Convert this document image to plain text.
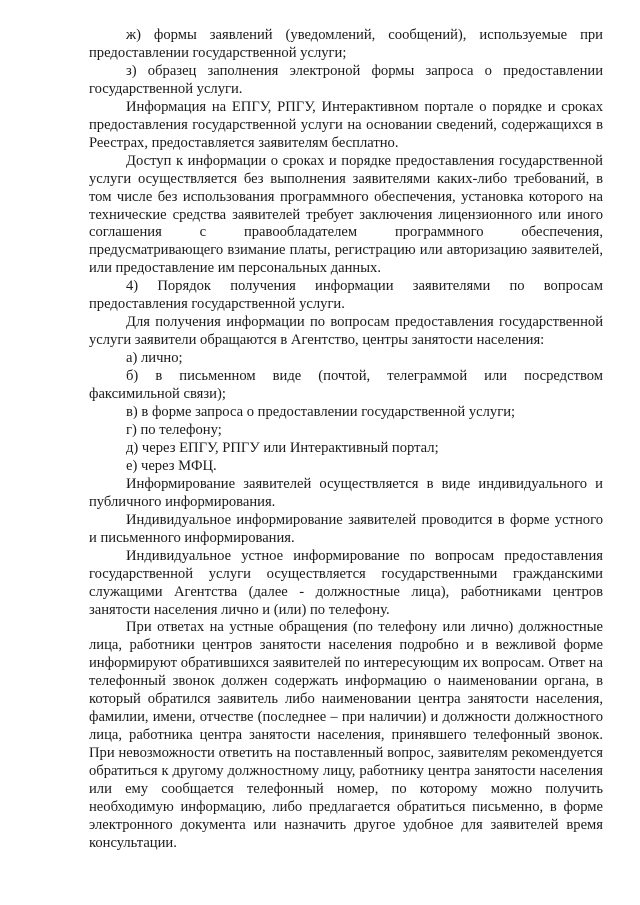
ж) формы заявлений (уведомлений, сообщений), используемые при предоставлении государственной услуги;

з) образец заполнения электроной формы запроса о предоставлении государственной услуги.

Информация на ЕПГУ, РПГУ, Интерактивном портале о порядке и сроках предоставления государственной услуги на основании сведений, содержащихся в Реестрах, предоставляется заявителям бесплатно.

Доступ к информации о сроках и порядке предоставления государственной услуги осуществляется без выполнения заявителями каких-либо требований, в том числе без использования программного обеспечения, установка которого на технические средства заявителей требует заключения лицензионного или иного соглашения с правообладателем программного обеспечения, предусматривающего взимание платы, регистрацию или авторизацию заявителей, или предоставление им персональных данных.

4) Порядок получения информации заявителями по вопросам предоставления государственной услуги.

Для получения информации по вопросам предоставления государственной услуги заявители обращаются в Агентство, центры занятости населения:

а) лично;

б) в письменном виде (почтой, телеграммой или посредством факсимильной связи);

в) в форме запроса о предоставлении государственной услуги;

г) по телефону;

д) через ЕПГУ, РПГУ или Интерактивный портал;

е) через МФЦ.

Информирование заявителей осуществляется в виде индивидуального и публичного информирования.

Индивидуальное информирование заявителей проводится в форме устного и письменного информирования.

Индивидуальное устное информирование по вопросам предоставления государственной услуги осуществляется государственными гражданскими служащими Агентства (далее - должностные лица), работниками центров занятости населения лично и (или) по телефону.

При ответах на устные обращения (по телефону или лично) должностные лица, работники центров занятости населения подробно и в вежливой форме информируют обратившихся заявителей по интересующим их вопросам. Ответ на телефонный звонок должен содержать информацию о наименовании органа, в который обратился заявитель либо наименовании центра занятости населения, фамилии, имени, отчестве (последнее – при наличии) и должности должностного лица, работника центра занятости населения, принявшего телефонный звонок. При невозможности ответить на поставленный вопрос, заявителям рекомендуется обратиться к другому должностному лицу, работнику центра занятости населения или ему сообщается телефонный номер, по которому можно получить необходимую информацию, либо предлагается обратиться письменно, в форме электронного документа или назначить другое удобное для заявителей время консультации.
